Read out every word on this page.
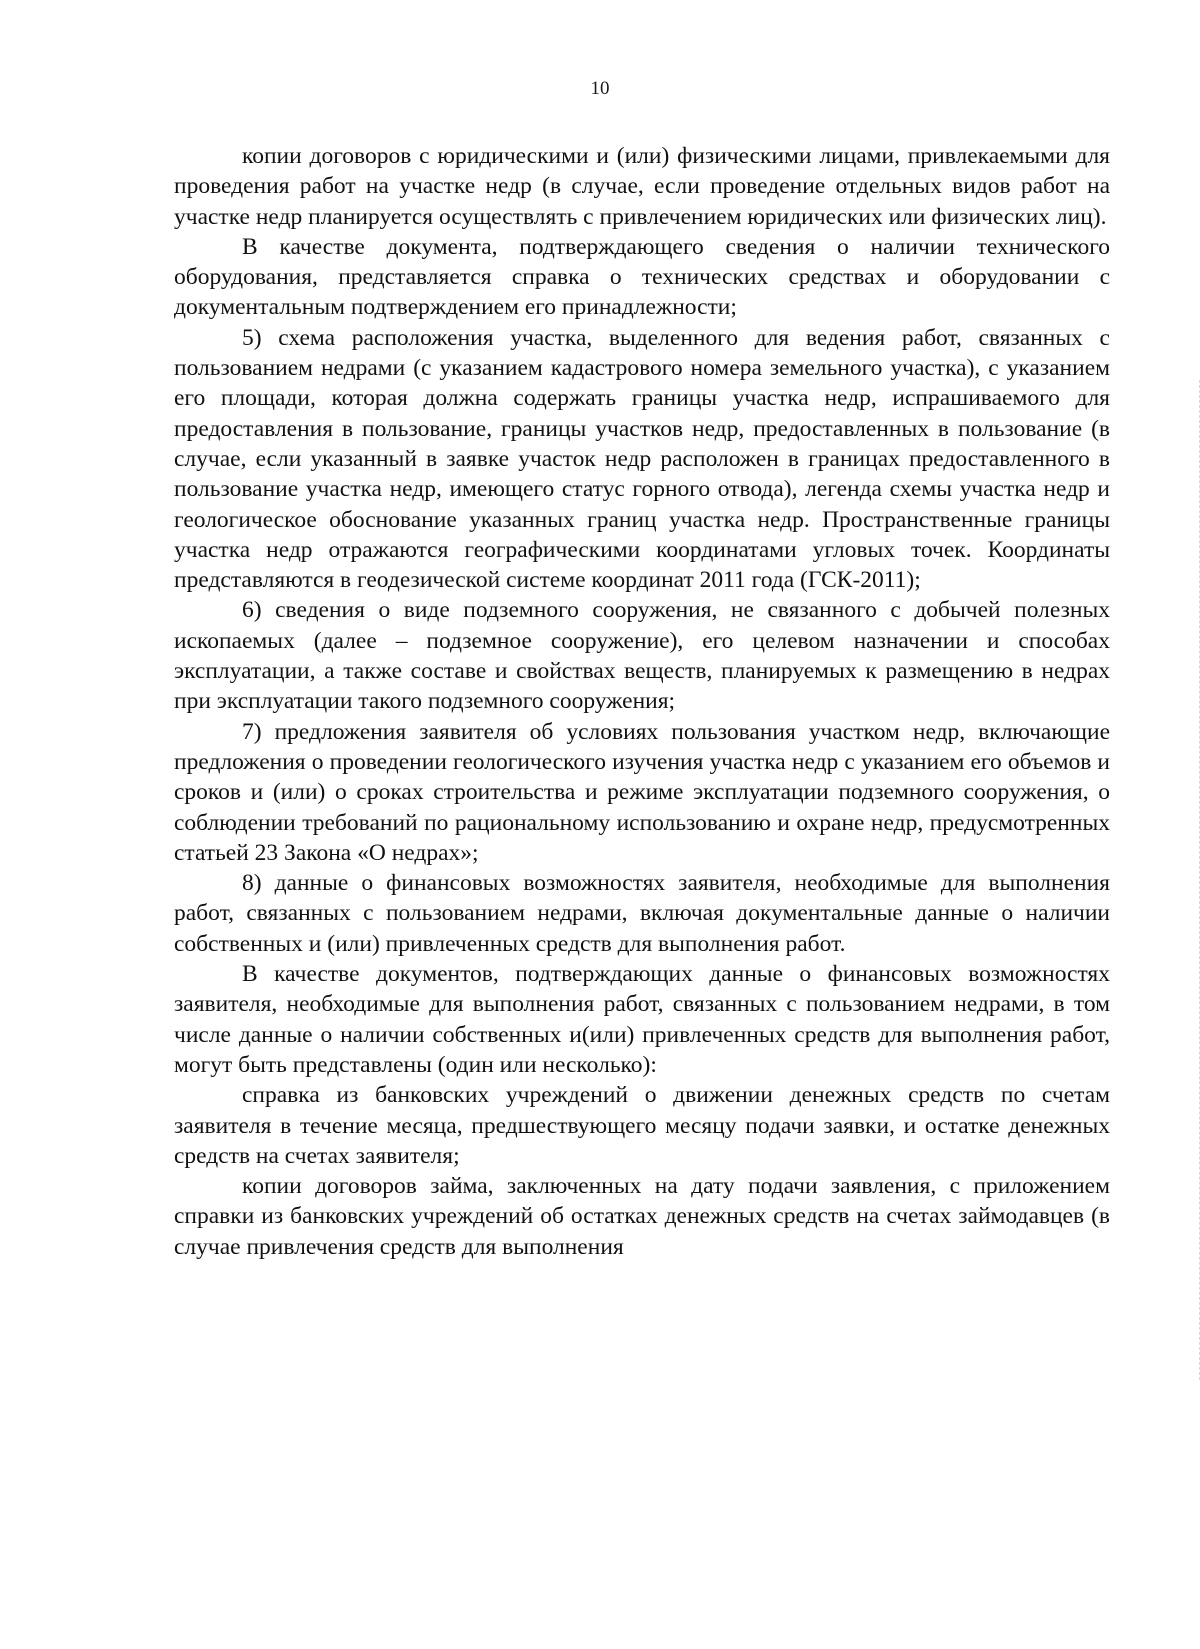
10

копии договоров с юридическими и (или) физическими лицами, привлекаемыми для проведения работ на участке недр (в случае, если проведение отдельных видов работ на участке недр планируется осуществлять с привлечением юридических или физических лиц).

В качестве документа, подтверждающего сведения о наличии технического оборудования, представляется справка о технических средствах и оборудовании с документальным подтверждением его принадлежности;

5) схема расположения участка, выделенного для ведения работ, связанных с пользованием недрами (с указанием кадастрового номера земельного участка), с указанием его площади, которая должна содержать границы участка недр, испрашиваемого для предоставления в пользование, границы участков недр, предоставленных в пользование (в случае, если указанный в заявке участок недр расположен в границах предоставленного в пользование участка недр, имеющего статус горного отвода), легенда схемы участка недр и геологическое обоснование указанных границ участка недр. Пространственные границы участка недр отражаются географическими координатами угловых точек. Координаты представляются в геодезической системе координат 2011 года (ГСК-2011);

6) сведения о виде подземного сооружения, не связанного с добычей полезных ископаемых (далее – подземное сооружение), его целевом назначении и способах эксплуатации, а также составе и свойствах веществ, планируемых к размещению в недрах при эксплуатации такого подземного сооружения;

7) предложения заявителя об условиях пользования участком недр, включающие предложения о проведении геологического изучения участка недр с указанием его объемов и сроков и (или) о сроках строительства и режиме эксплуатации подземного сооружения, о соблюдении требований по рациональному использованию и охране недр, предусмотренных статьей 23 Закона «О недрах»;

8) данные о финансовых возможностях заявителя, необходимые для выполнения работ, связанных с пользованием недрами, включая документальные данные о наличии собственных и (или) привлеченных средств для выполнения работ.

В качестве документов, подтверждающих данные о финансовых возможностях заявителя, необходимые для выполнения работ, связанных с пользованием недрами, в том числе данные о наличии собственных и(или) привлеченных средств для выполнения работ, могут быть представлены (один или несколько):

справка из банковских учреждений о движении денежных средств по счетам заявителя в течение месяца, предшествующего месяцу подачи заявки, и остатке денежных средств на счетах заявителя;

копии договоров займа, заключенных на дату подачи заявления, с приложением справки из банковских учреждений об остатках денежных средств на счетах займодавцев (в случае привлечения средств для выполнения
